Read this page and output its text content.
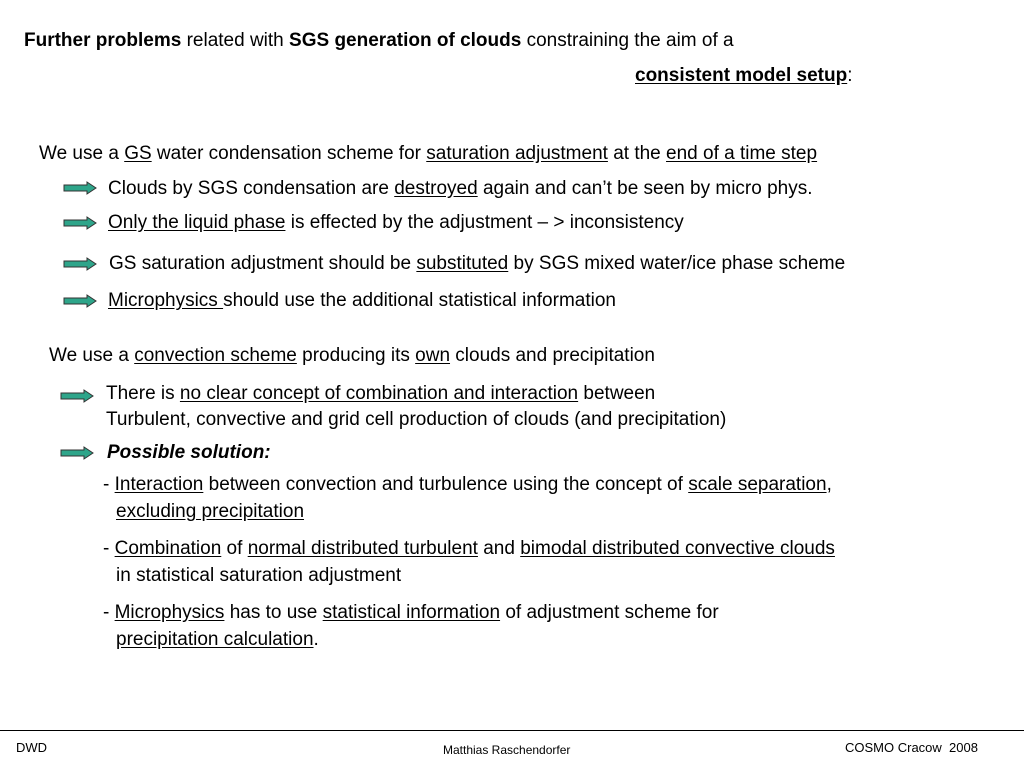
Further problems related with SGS generation of clouds constraining the aim of a
consistent model setup:
We use a GS water condensation scheme for saturation adjustment at the end of a time step
Clouds by SGS condensation are destroyed again and can’t be seen by micro phys.
Only the liquid phase is effected by the adjustment – > inconsistency
GS saturation adjustment should be substituted by SGS mixed water/ice phase scheme
Microphysics should use the additional statistical information
We use a convection scheme producing its own clouds and precipitation
There is no clear concept of combination and interaction between
Turbulent, convective and grid cell production of clouds (and precipitation)
Possible solution:
- Interaction between convection and turbulence using the concept of scale separation,
excluding precipitation
- Combination of normal distributed turbulent and bimodal distributed convective clouds
in statistical saturation adjustment
- Microphysics has to use statistical information of adjustment scheme for
precipitation calculation.
DWD	Matthias Raschendorfer	COSMO Cracow  2008
